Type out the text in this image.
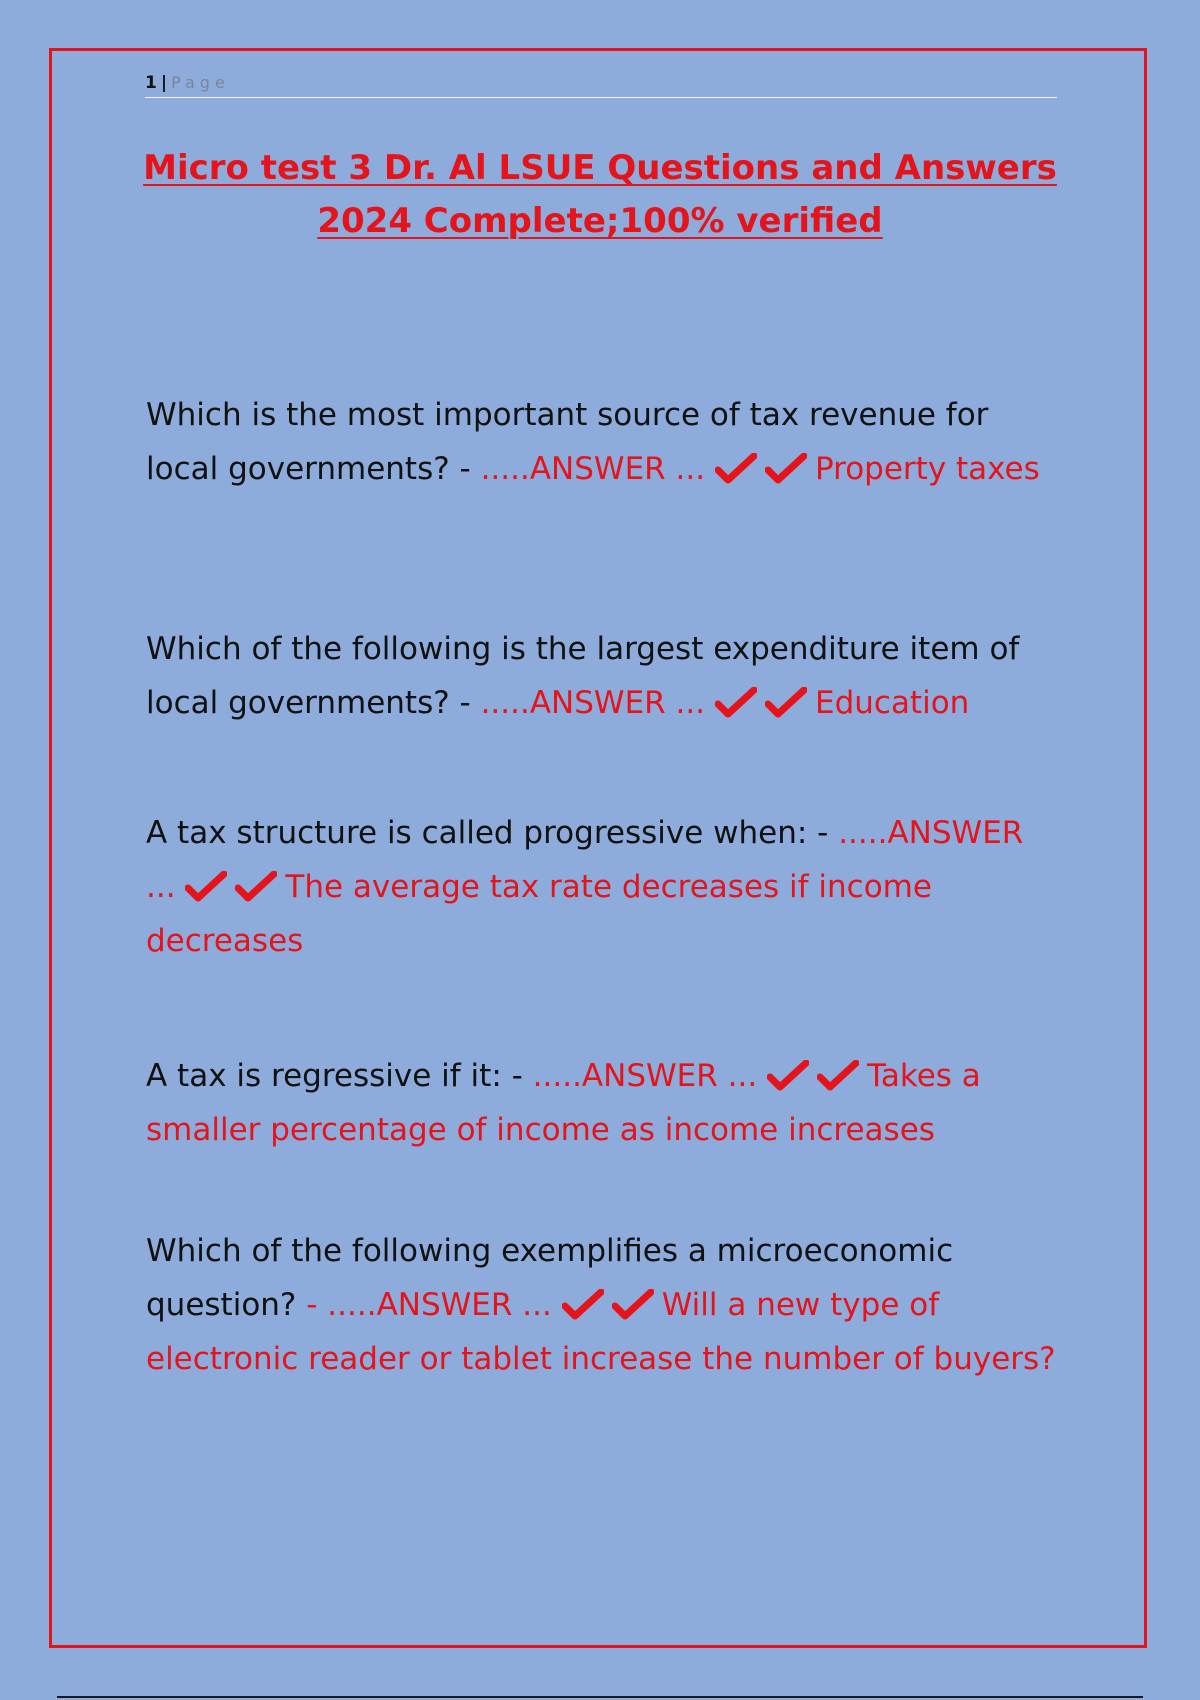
1 | Page
Micro test 3 Dr. Al LSUE Questions and Answers 2024 Complete;100% verified

Which is the most important source of tax revenue for local governments? - .....ANSWER ...	Property taxes

Which of the following is the largest expenditure item of local governments? - .....ANSWER ...	Education

A tax structure is called progressive when: - .....ANSWER ...	The average tax rate decreases if income decreases

A tax is regressive if it: - .....ANSWER ...	Takes a smaller percentage of income as income increases

Which of the following exemplifies a microeconomic question? - .....ANSWER ...	Will a new type of electronic reader or tablet increase the number of buyers?
